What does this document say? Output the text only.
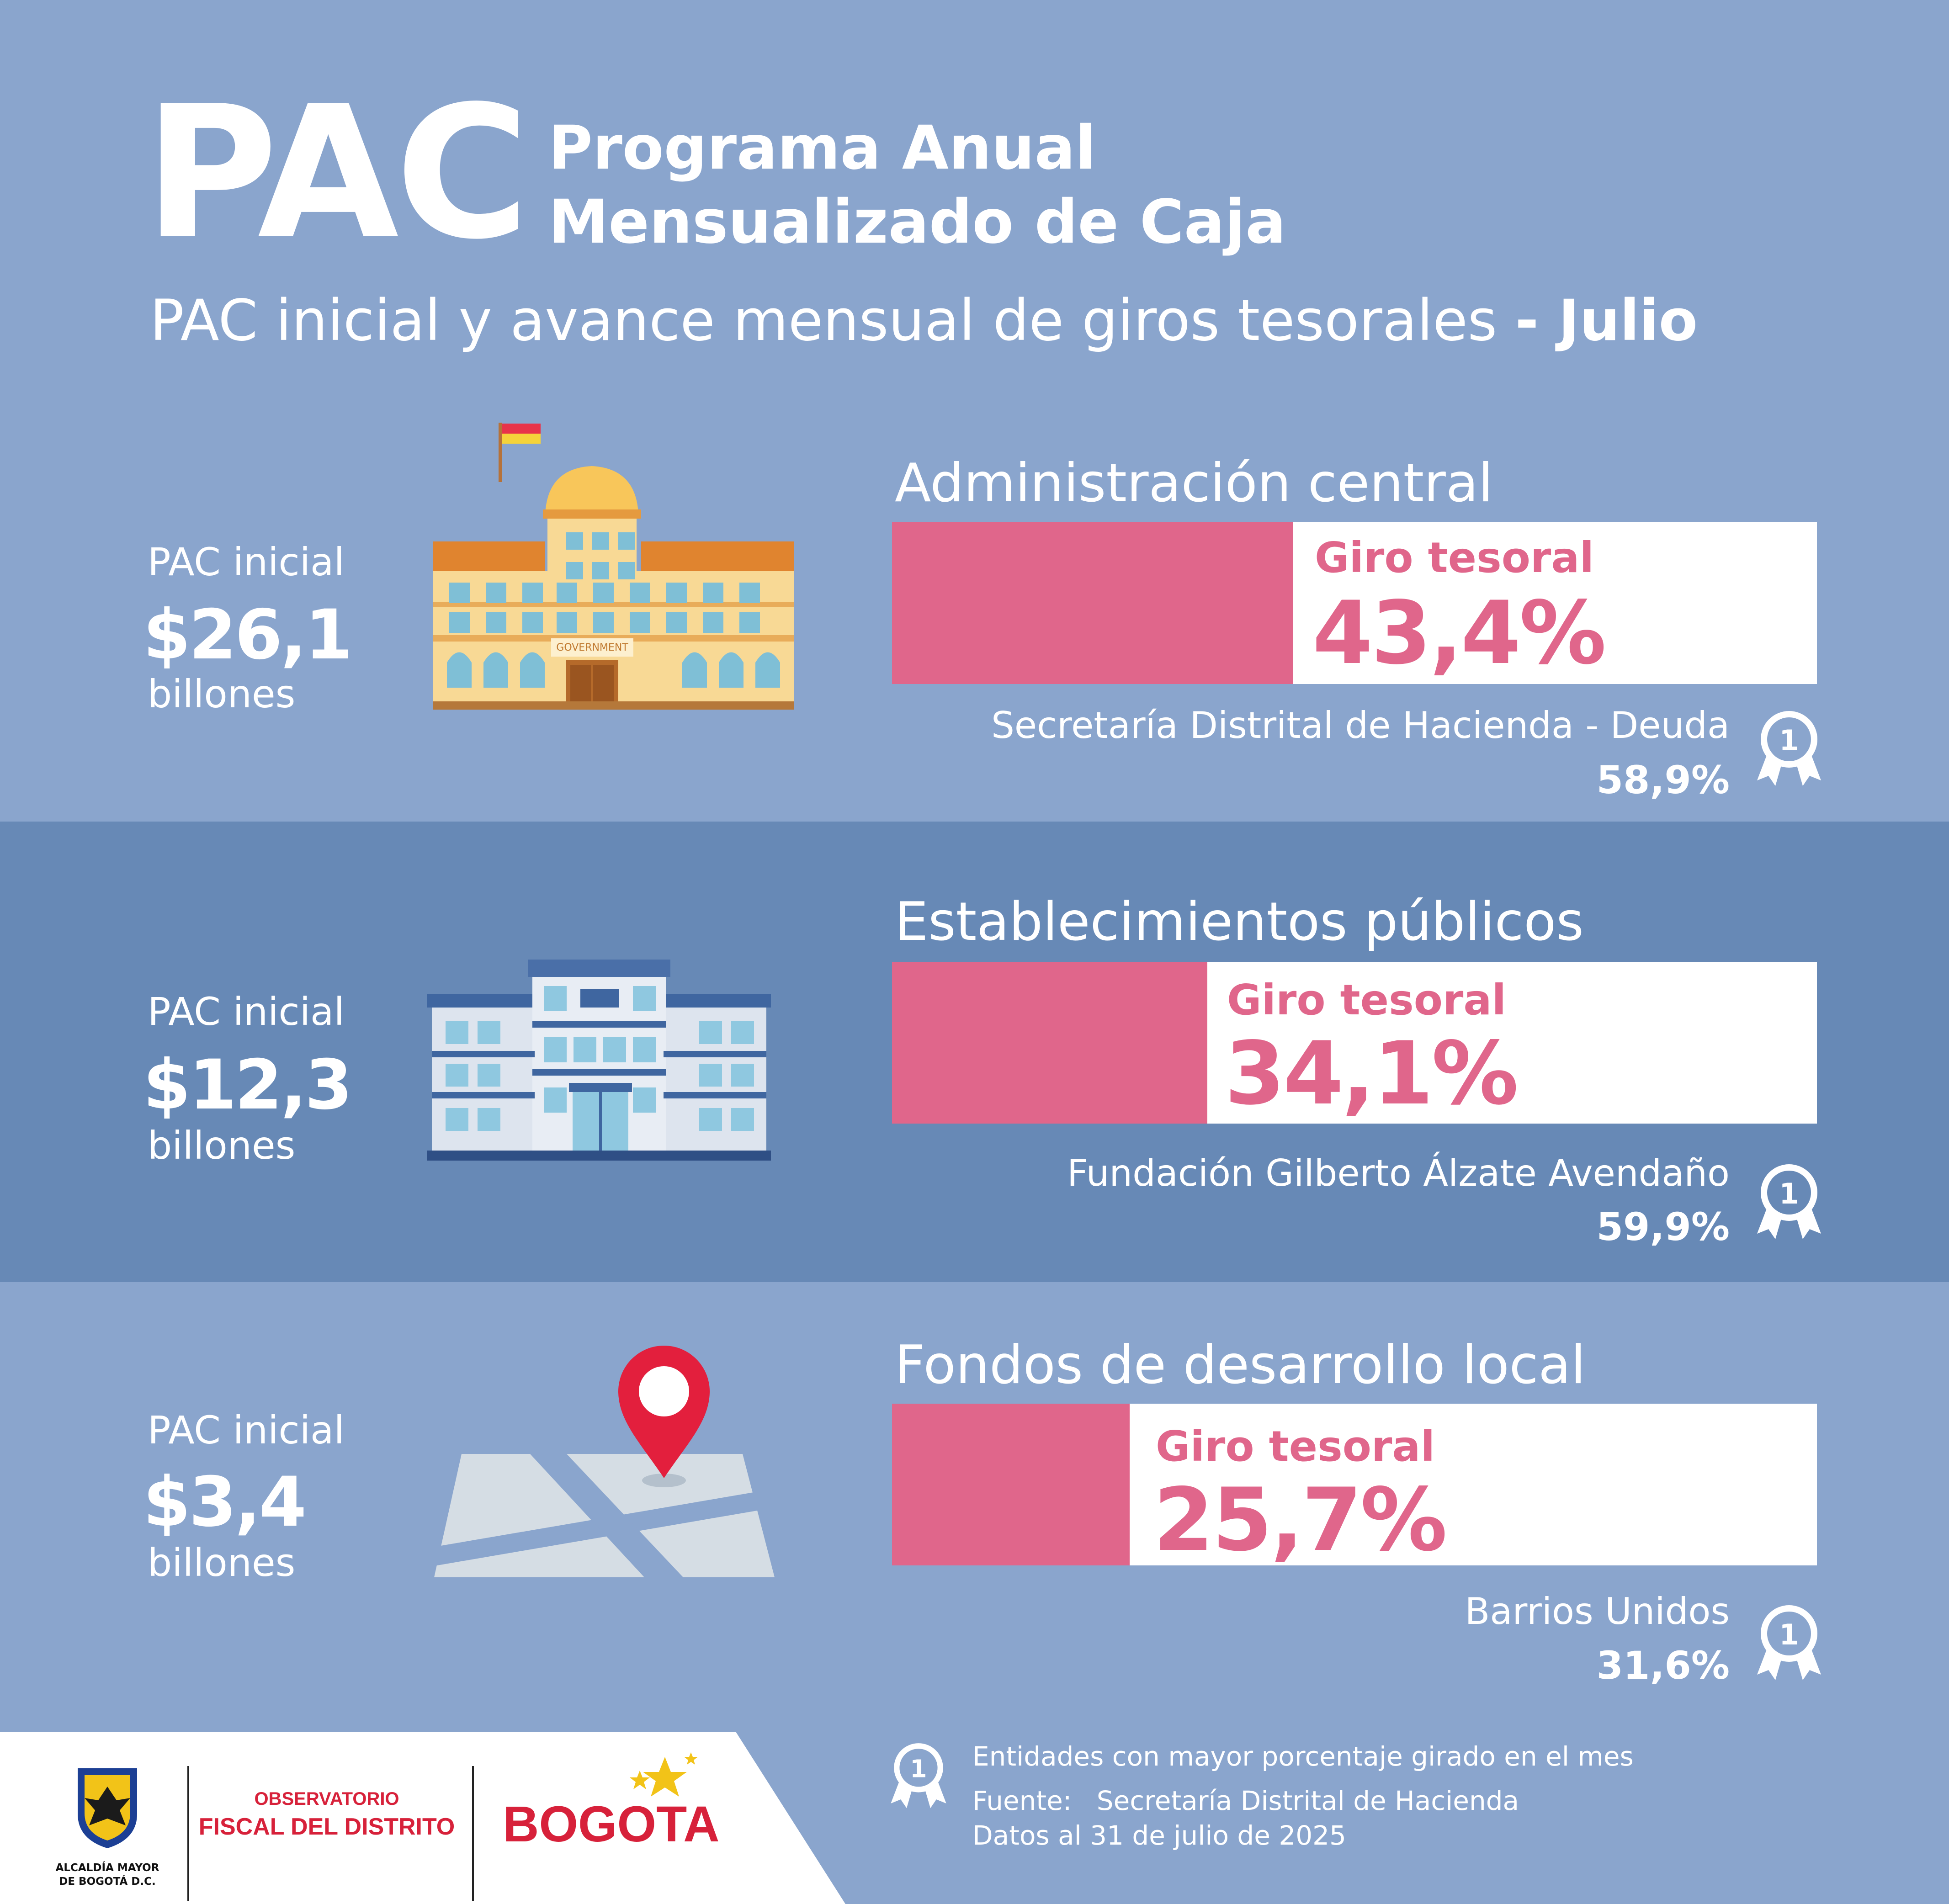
PAC Programa Anual
Mensualizado de Caja
PAC inicial y avance mensual de giros tesorales - Julio
PAC inicial
$26,1
billones
GOVERNMENT
Administración central
Giro tesoral
43,4%
Secretaría Distrital de Hacienda - Deuda
58,9%
1
PAC inicial
$12,3
billones
Establecimientos públicos
Giro tesoral
34,1%
Fundación Gilberto Álzate Avendaño
59,9%
1
PAC inicial
$3,4
billones
Fondos de desarrollo local
Giro tesoral
25,7%
Barrios Unidos
31,6%
1
ALCALDÍA MAYOR
DE BOGOTÁ D.C.
OBSERVATORIO
FISCAL DEL DISTRITO BOGOTA
1 Entidades con mayor porcentaje girado en el mes
Fuente: Secretaría Distrital de Hacienda
Datos al 31 de julio de 2025
